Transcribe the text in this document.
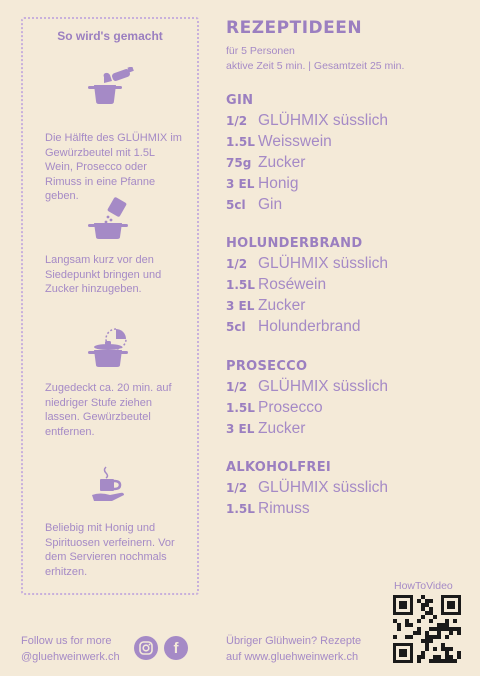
So wird's gemacht
Die Hälfte des GLÜHMIX im Gewürzbeutel mit 1.5L Wein, Prosecco oder Rimuss in eine Pfanne geben.
Langsam kurz vor den Siedepunkt bringen und Zucker hinzugeben.
Zugedeckt ca. 20 min. auf niedriger Stufe ziehen lassen. Gewürzbeutel entfernen.
Beliebig mit Honig und Spirituosen verfeinern. Vor dem Servieren nochmals erhitzen.
REZEPTIDEEN
für 5 Personen
aktive Zeit 5 min. | Gesamtzeit 25 min.
GIN
1/2 GLÜHMIX süsslich
1.5L Weisswein
75g Zucker
3 EL Honig
5cl Gin
HOLUNDERBRAND
1/2 GLÜHMIX süsslich
1.5L Roséwein
3 EL Zucker
5cl Holunderbrand
PROSECCO
1/2 GLÜHMIX süsslich
1.5L Prosecco
3 EL Zucker
ALKOHOLFREI
1/2 GLÜHMIX süsslich
1.5L Rimuss
HowToVideo
Follow us for more
@gluehweinwerk.ch
f	Übriger Glühwein? Rezepte
auf www.gluehweinwerk.ch
